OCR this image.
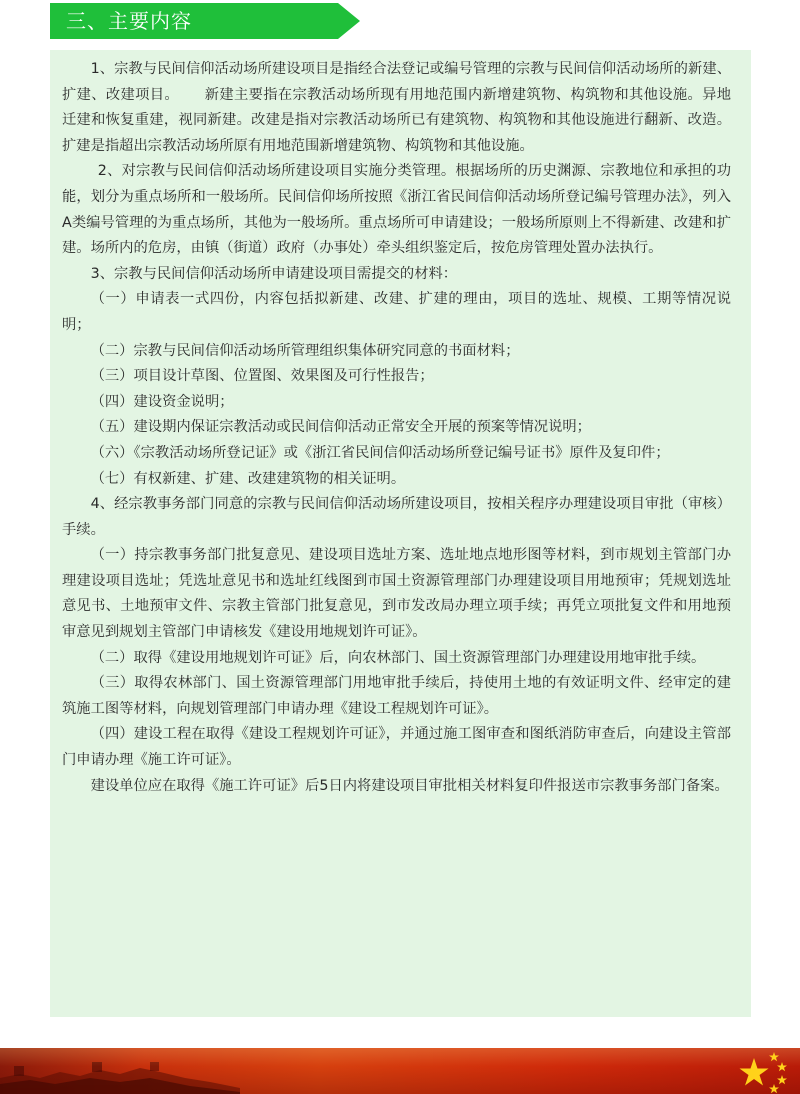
三、主要内容

1、宗教与民间信仰活动场所建设项目是指经合法登记或编号管理的宗教与民间信仰活动场所的新建、扩建、改建项目。 新建主要指在宗教活动场所现有用地范围内新增建筑物、构筑物和其他设施。异地迁建和恢复重建，视同新建。改建是指对宗教活动场所已有建筑物、构筑物和其他设施进行翻新、改造。扩建是指超出宗教活动场所原有用地范围新增建筑物、构筑物和其他设施。

2、对宗教与民间信仰活动场所建设项目实施分类管理。根据场所的历史渊源、宗教地位和承担的功能，划分为重点场所和一般场所。民间信仰场所按照《浙江省民间信仰活动场所登记编号管理办法》，列入A类编号管理的为重点场所，其他为一般场所。重点场所可申请建设；一般场所原则上不得新建、改建和扩建。场所内的危房，由镇（街道）政府（办事处）牵头组织鉴定后，按危房管理处置办法执行。

3、宗教与民间信仰活动场所申请建设项目需提交的材料：

（一）申请表一式四份，内容包括拟新建、改建、扩建的理由，项目的选址、规模、工期等情况说明；

（二）宗教与民间信仰活动场所管理组织集体研究同意的书面材料；

（三）项目设计草图、位置图、效果图及可行性报告；

（四）建设资金说明；

（五）建设期内保证宗教活动或民间信仰活动正常安全开展的预案等情况说明；

（六）《宗教活动场所登记证》或《浙江省民间信仰活动场所登记编号证书》原件及复印件；

（七）有权新建、扩建、改建建筑物的相关证明。

4、经宗教事务部门同意的宗教与民间信仰活动场所建设项目，按相关程序办理建设项目审批（审核）手续。

（一）持宗教事务部门批复意见、建设项目选址方案、选址地点地形图等材料，到市规划主管部门办理建设项目选址；凭选址意见书和选址红线图到市国土资源管理部门办理建设项目用地预审；凭规划选址意见书、土地预审文件、宗教主管部门批复意见，到市发改局办理立项手续；再凭立项批复文件和用地预审意见到规划主管部门申请核发《建设用地规划许可证》。

（二）取得《建设用地规划许可证》后，向农林部门、国土资源管理部门办理建设用地审批手续。

（三）取得农林部门、国土资源管理部门用地审批手续后，持使用土地的有效证明文件、经审定的建筑施工图等材料，向规划管理部门申请办理《建设工程规划许可证》。

（四）建设工程在取得《建设工程规划许可证》，并通过施工图审查和图纸消防审查后，向建设主管部门申请办理《施工许可证》。

建设单位应在取得《施工许可证》后5日内将建设项目审批相关材料复印件报送市宗教事务部门备案。
